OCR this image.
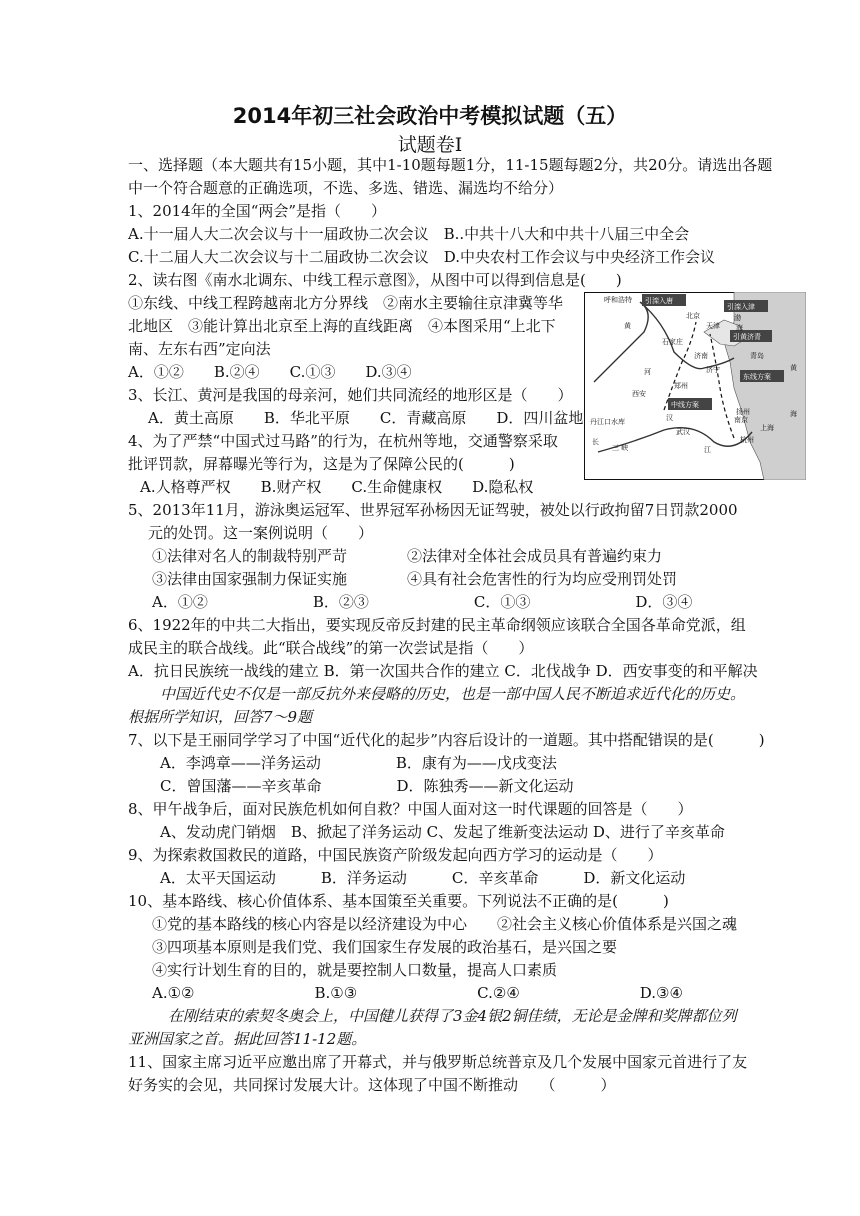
2014年初三社会政治中考模拟试题（五）
试题卷Ⅰ
一、选择题（本大题共有15小题，其中1-10题每题1分，11-15题每题2分，共20分。请选出各题
中一个符合题意的正确选项，不选、多选、错选、漏选均不给分）
1、2014年的全国“两会”是指（　　）
A.十一届人大二次会议与十一届政协二次会议　B..中共十八大和中共十八届三中全会
C.十二届人大二次会议与十二届政协二次会议　D.中央农村工作会议与中央经济工作会议
2、读右图《南水北调东、中线工程示意图》，从图中可以得到信息是(　　)
①东线、中线工程跨越南北方分界线　②南水主要输往京津冀等华
北地区　③能计算出北京至上海的直线距离　④本图采用“上北下
南、左东右西”定向法
A．①②　　B.②④　　C.①③　　D.③④
3、长江、黄河是我国的母亲河，她们共同流经的地形区是（　　）
A．黄土高原　　B．华北平原　　C．青藏高原　　D．四川盆地
4、为了严禁“中国式过马路”的行为，在杭州等地，交通警察采取
批评罚款，屏幕曝光等行为，这是为了保障公民的(　　　)
A.人格尊严权　　B.财产权　　C.生命健康权　　D.隐私权
5、2013年11月，游泳奥运冠军、世界冠军孙杨因无证驾驶，被处以行政拘留7日罚款2000
元的处罚。这一案例说明（　　）
①法律对名人的制裁特别严苛　　　　②法律对全体社会成员具有普遍约束力
③法律由国家强制力保证实施　　　　④具有社会危害性的行为均应受刑罚处罚
A．①②　　　　　　　B．②③　　　　　　　C．①③　　　　　　　D．③④
6、1922年的中共二大指出，要实现反帝反封建的民主革命纲领应该联合全国各革命党派，组
成民主的联合战线。此“联合战线”的第一次尝试是指（　　）
A．抗日民族统一战线的建立 B．第一次国共合作的建立 C．北伐战争 D．西安事变的和平解决
中国近代史不仅是一部反抗外来侵略的历史，也是一部中国人民不断追求近代化的历史。
根据所学知识，回答7～9题
7、以下是王丽同学学习了中国“近代化的起步”内容后设计的一道题。其中搭配错误的是(　　　)
A．李鸿章——洋务运动　　　　　B．康有为——戊戌变法
C．曾国藩——辛亥革命　　　　　D．陈独秀——新文化运动
8、甲午战争后，面对民族危机如何自救？中国人面对这一时代课题的回答是（　　）
A、发动虎门销烟　B、掀起了洋务运动 C、发起了维新变法运动 D、进行了辛亥革命
9、为探索救国救民的道路，中国民族资产阶级发起向西方学习的运动是（　　）
A．太平天国运动　　　B．洋务运动　　　C．辛亥革命　　　D．新文化运动
10、基本路线、核心价值体系、基本国策至关重要。下列说法不正确的是(　　　)
①党的基本路线的核心内容是以经济建设为中心　　②社会主义核心价值体系是兴国之魂
③四项基本原则是我们党、我们国家生存发展的政治基石，是兴国之要
④实行计划生育的目的，就是要控制人口数量，提高人口素质
A.①②　　　　　　　　B.①③　　　　　　　　C.②④　　　　　　　　D.③④
在刚结束的索契冬奥会上，中国健儿获得了3金4银2铜佳绩，无论是金牌和奖牌都位列
亚洲国家之首。据此回答11-12题。
11、国家主席习近平应邀出席了开幕式，并与俄罗斯总统普京及几个发展中国家元首进行了友
好务实的会见，共同探讨发展大计。这体现了中国不断推动　　（　　　）
呼和浩特
北京
天津
引滦入唐
引滦入津
引黄济青
石家庄
黄
渤
海
济南
济宁
青岛
东线方案
黄
海
郑州
西安
中线方案
丹江口水库	汉
武汉
南京
扬州
长
江
三 峡
上海
杭州
河
